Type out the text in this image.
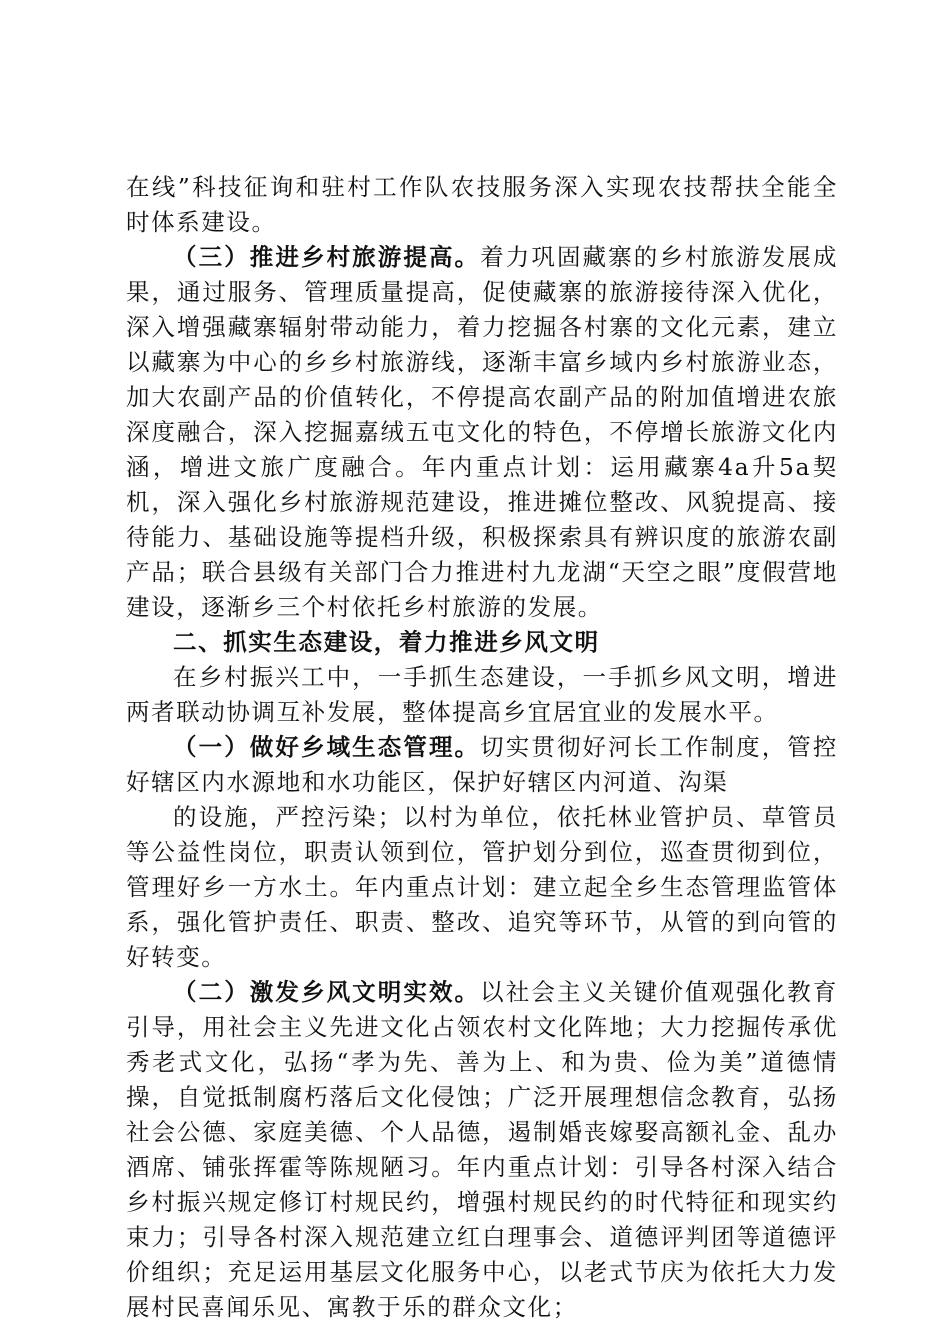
在线”科技征询和驻村工作队农技服务深入实现农技帮扶全能全时体系建设。

（三）推进乡村旅游提高。着力巩固藏寨的乡村旅游发展成果，通过服务、管理质量提高，促使藏寨的旅游接待深入优化，深入增强藏寨辐射带动能力，着力挖掘各村寨的文化元素，建立以藏寨为中心的乡乡村旅游线，逐渐丰富乡域内乡村旅游业态，加大农副产品的价值转化，不停提高农副产品的附加值增进农旅深度融合，深入挖掘嘉绒五屯文化的特色，不停增长旅游文化内涵，增进文旅广度融合。年内重点计划：运用藏寨4a升5a契机，深入强化乡村旅游规范建设，推进摊位整改、风貌提高、接待能力、基础设施等提档升级，积极探索具有辨识度的旅游农副产品；联合县级有关部门合力推进村九龙湖“天空之眼”度假营地建设，逐渐乡三个村依托乡村旅游的发展。

二、抓实生态建设，着力推进乡风文明

在乡村振兴工中，一手抓生态建设，一手抓乡风文明，增进两者联动协调互补发展，整体提高乡宜居宜业的发展水平。

（一）做好乡域生态管理。切实贯彻好河长工作制度，管控好辖区内水源地和水功能区，保护好辖区内河道、沟渠

的设施，严控污染；以村为单位，依托林业管护员、草管员等公益性岗位，职责认领到位，管护划分到位，巡查贯彻到位，管理好乡一方水土。年内重点计划：建立起全乡生态管理监管体系，强化管护责任、职责、整改、追究等环节，从管的到向管的好转变。

（二）激发乡风文明实效。以社会主义关键价值观强化教育引导，用社会主义先进文化占领农村文化阵地；大力挖掘传承优秀老式文化，弘扬“孝为先、善为上、和为贵、俭为美”道德情操，自觉抵制腐朽落后文化侵蚀；广泛开展理想信念教育，弘扬社会公德、家庭美德、个人品德，遏制婚丧嫁娶高额礼金、乱办酒席、铺张挥霍等陈规陋习。年内重点计划：引导各村深入结合乡村振兴规定修订村规民约，增强村规民约的时代特征和现实约束力；引导各村深入规范建立红白理事会、道德评判团等道德评价组织；充足运用基层文化服务中心，以老式节庆为依托大力发展村民喜闻乐见、寓教于乐的群众文化；
